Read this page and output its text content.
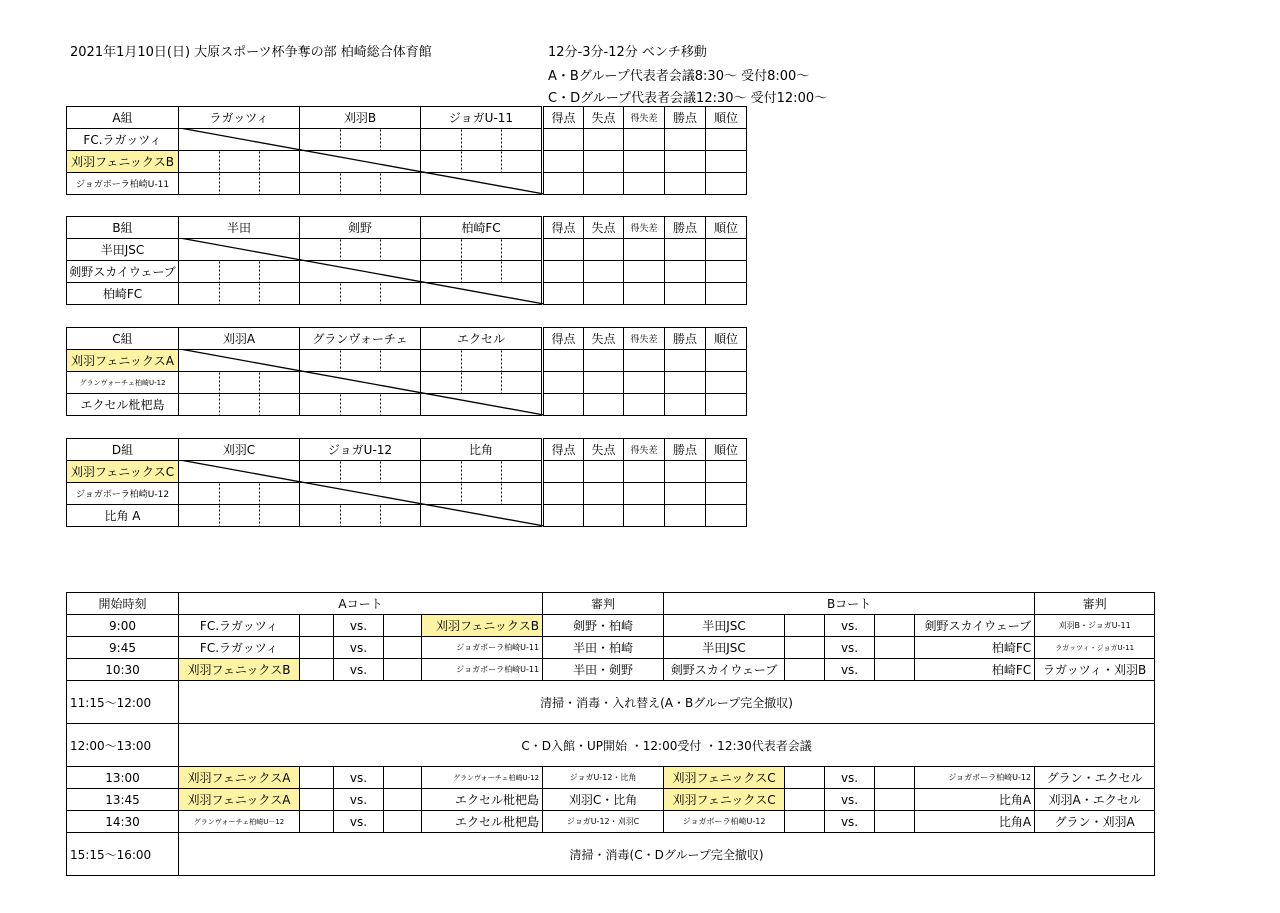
2021年1月10日(日) 大原スポーツ杯争奪の部 柏崎総合体育館	12分-3分-12分 ベンチ移動
A・Bグループ代表者会議8:30～ 受付8:00～
C・Dグループ代表者会議12:30～ 受付12:00～
A組	ラガッツィ	刈羽B	ジョガU-11		得点	失点	得失差	勝点	順位
FC.ラガッツィ									
刈羽フェニックスB									
ジョガボーラ柏崎U-11									
B組	半田	剣野	柏崎FC		得点	失点	得失差	勝点	順位
半田JSC									
剣野スカイウェーブ									
柏崎FC									
C組	刈羽A	グランヴォーチェ	エクセル		得点	失点	得失差	勝点	順位
刈羽フェニックスA									
グランヴォーチェ柏崎U-12									
エクセル枇杷島									
D組	刈羽C	ジョガU-12	比角		得点	失点	得失差	勝点	順位
刈羽フェニックスC									
ジョガボーラ柏崎U-12									
比角 A									
開始時刻	Aコート					審判	Bコート					審判
9:00	FC.ラガッツィ		vs.		刈羽フェニックスB	剣野・柏崎	半田JSC		vs.		剣野スカイウェーブ	刈羽B・ジョガU-11
9:45	FC.ラガッツィ		vs.		ジョガボーラ柏崎U-11	半田・柏崎	半田JSC		vs.		柏崎FC	ラガッツィ・ジョガU-11
10:30	刈羽フェニックスB		vs.		ジョガボーラ柏崎U-11	半田・剣野	剣野スカイウェーブ		vs.		柏崎FC	ラガッツィ・刈羽B
11:15～12:00	清掃・消毒・入れ替え(A・Bグループ完全撤収)											
12:00～13:00	C・D入館・UP開始 ・12:00受付 ・12:30代表者会議											
13:00	刈羽フェニックスA		vs.		グランヴォーチェ柏崎U-12	ジョガU-12・比角	刈羽フェニックスC		vs.		ジョガボーラ柏崎U-12	グラン・エクセル
13:45	刈羽フェニックスA		vs.		エクセル枇杷島	刈羽C・比角	刈羽フェニックスC		vs.		比角A	刈羽A・エクセル
14:30	グランヴォーチェ柏崎U－12		vs.		エクセル枇杷島	ジョガU-12・刈羽C	ジョガボーラ柏崎U-12		vs.		比角A	グラン・刈羽A
15:15～16:00	清掃・消毒(C・Dグループ完全撤収)											
